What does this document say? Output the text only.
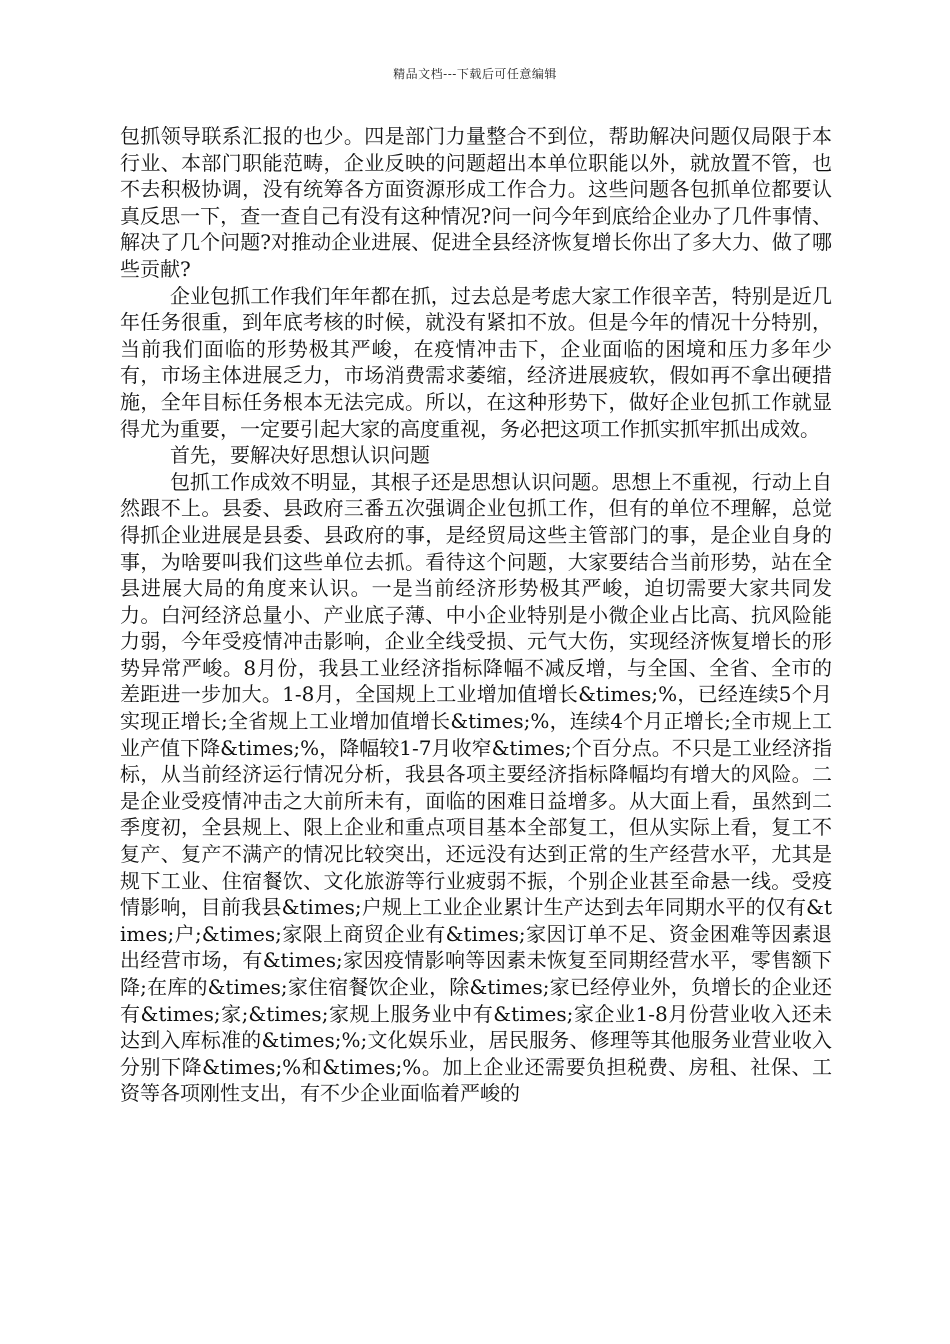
精品文档---下载后可任意编辑

包抓领导联系汇报的也少。四是部门力量整合不到位，帮助解决问题仅局限于本行业、本部门职能范畴，企业反映的问题超出本单位职能以外，就放置不管，也不去积极协调，没有统筹各方面资源形成工作合力。这些问题各包抓单位都要认真反思一下，查一查自己有没有这种情况?问一问今年到底给企业办了几件事情、解决了几个问题?对推动企业进展、促进全县经济恢复增长你出了多大力、做了哪些贡献?

企业包抓工作我们年年都在抓，过去总是考虑大家工作很辛苦，特别是近几年任务很重，到年底考核的时候，就没有紧扣不放。但是今年的情况十分特别，当前我们面临的形势极其严峻，在疫情冲击下，企业面临的困境和压力多年少有，市场主体进展乏力，市场消费需求萎缩，经济进展疲软，假如再不拿出硬措施，全年目标任务根本无法完成。所以，在这种形势下，做好企业包抓工作就显得尤为重要，一定要引起大家的高度重视，务必把这项工作抓实抓牢抓出成效。

首先，要解决好思想认识问题

包抓工作成效不明显，其根子还是思想认识问题。思想上不重视，行动上自然跟不上。县委、县政府三番五次强调企业包抓工作，但有的单位不理解，总觉得抓企业进展是县委、县政府的事，是经贸局这些主管部门的事，是企业自身的事，为啥要叫我们这些单位去抓。看待这个问题，大家要结合当前形势，站在全县进展大局的角度来认识。一是当前经济形势极其严峻，迫切需要大家共同发力。白河经济总量小、产业底子薄、中小企业特别是小微企业占比高、抗风险能力弱，今年受疫情冲击影响，企业全线受损、元气大伤，实现经济恢复增长的形势异常严峻。8月份，我县工业经济指标降幅不减反增，与全国、全省、全市的差距进一步加大。1-8月，全国规上工业增加值增长&times;%，已经连续5个月实现正增长;全省规上工业增加值增长&times;%，连续4个月正增长;全市规上工业产值下降&times;%，降幅较1-7月收窄&times;个百分点。不只是工业经济指标，从当前经济运行情况分析，我县各项主要经济指标降幅均有增大的风险。二是企业受疫情冲击之大前所未有，面临的困难日益增多。从大面上看，虽然到二季度初，全县规上、限上企业和重点项目基本全部复工，但从实际上看，复工不复产、复产不满产的情况比较突出，还远没有达到正常的生产经营水平，尤其是规下工业、住宿餐饮、文化旅游等行业疲弱不振，个别企业甚至命悬一线。受疫情影响，目前我县&times;户规上工业企业累计生产达到去年同期水平的仅有&times;户;&times;家限上商贸企业有&times;家因订单不足、资金困难等因素退出经营市场，有&times;家因疫情影响等因素未恢复至同期经营水平，零售额下降;在库的&times;家住宿餐饮企业，除&times;家已经停业外，负增长的企业还有&times;家;&times;家规上服务业中有&times;家企业1-8月份营业收入还未达到入库标准的&times;%;文化娱乐业，居民服务、修理等其他服务业营业收入分别下降&times;%和&times;%。加上企业还需要负担税费、房租、社保、工资等各项刚性支出，有不少企业面临着严峻的
